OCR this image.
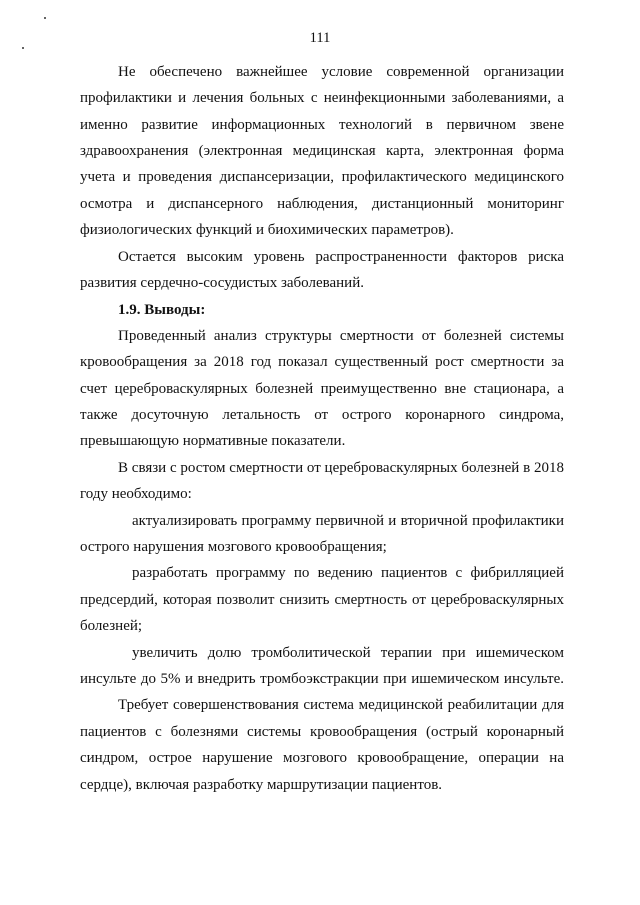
111
Не обеспечено важнейшее условие современной организации
профилактики и лечения больных с неинфекционными заболеваниями, а
именно развитие информационных технологий в первичном звене
здравоохранения (электронная медицинская карта, электронная форма
учета и проведения диспансеризации, профилактического медицинского
осмотра и диспансерного наблюдения, дистанционный мониторинг
физиологических функций и биохимических параметров).
Остается высоким уровень распространенности факторов риска
развития сердечно-сосудистых заболеваний.
1.9. Выводы:
Проведенный анализ структуры смертности от болезней системы
кровообращения за 2018 год показал существенный рост смертности за
счет цереброваскулярных болезней преимущественно вне стационара, а
также досуточную летальность от острого коронарного синдрома,
превышающую нормативные показатели.
В связи с ростом смертности от цереброваскулярных болезней в 2018
году необходимо:
актуализировать программу первичной и вторичной профилактики
острого нарушения мозгового кровообращения;
разработать программу по ведению пациентов с фибрилляцией
предсердий, которая позволит снизить смертность от цереброваскулярных
болезней;
увеличить долю тромболитической терапии при ишемическом
инсульте до 5% и внедрить тромбоэкстракции при ишемическом инсульте.
Требует совершенствования система медицинской реабилитации для
пациентов с болезнями системы кровообращения (острый коронарный
синдром, острое нарушение мозгового кровообращение, операции на
сердце), включая разработку маршрутизации пациентов.
